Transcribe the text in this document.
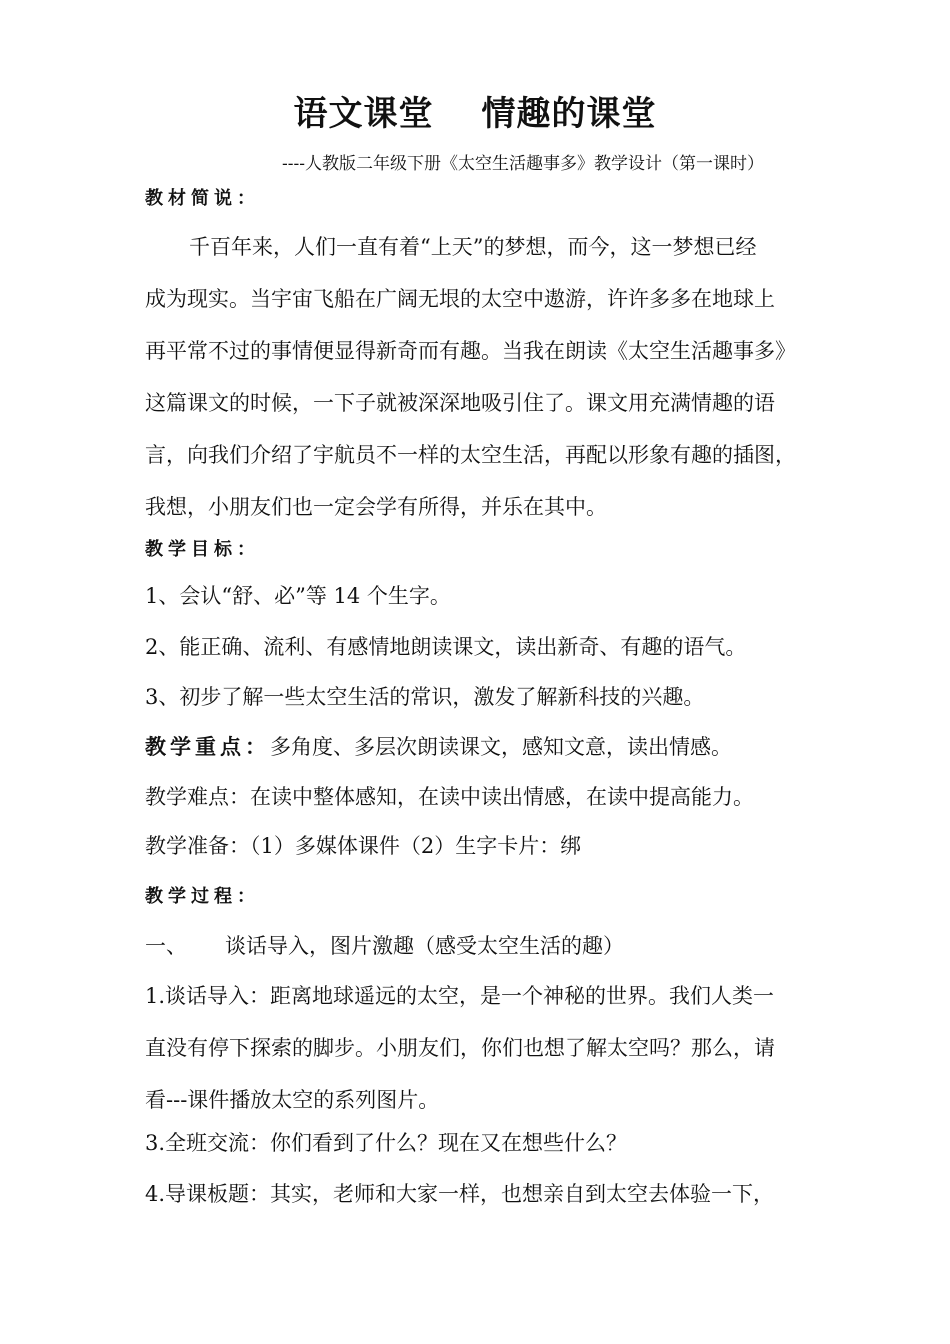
语文课堂 情趣的课堂
----人教版二年级下册《太空生活趣事多》教学设计（第一课时）
教材简说：
千百年来，人们一直有着“上天”的梦想，而今，这一梦想已经
成为现实。当宇宙飞船在广阔无垠的太空中遨游，许许多多在地球上
再平常不过的事情便显得新奇而有趣。当我在朗读《太空生活趣事多》
这篇课文的时候，一下子就被深深地吸引住了。课文用充满情趣的语
言，向我们介绍了宇航员不一样的太空生活，再配以形象有趣的插图，
我想，小朋友们也一定会学有所得，并乐在其中。
教学目标：
1、会认“舒、必”等 14 个生字。
2、能正确、流利、有感情地朗读课文，读出新奇、有趣的语气。
3、初步了解一些太空生活的常识，激发了解新科技的兴趣。
教学重点：多角度、多层次朗读课文，感知文意，读出情感。
教学难点：在读中整体感知，在读中读出情感，在读中提高能力。
教学准备：（1）多媒体课件（2）生字卡片：绑
教学过程：
一、 谈话导入，图片激趣（感受太空生活的趣）
1.谈话导入：距离地球遥远的太空，是一个神秘的世界。我们人类一
直没有停下探索的脚步。小朋友们，你们也想了解太空吗？那么，请
看---课件播放太空的系列图片。
3.全班交流：你们看到了什么？现在又在想些什么？
4.导课板题：其实，老师和大家一样，也想亲自到太空去体验一下，
